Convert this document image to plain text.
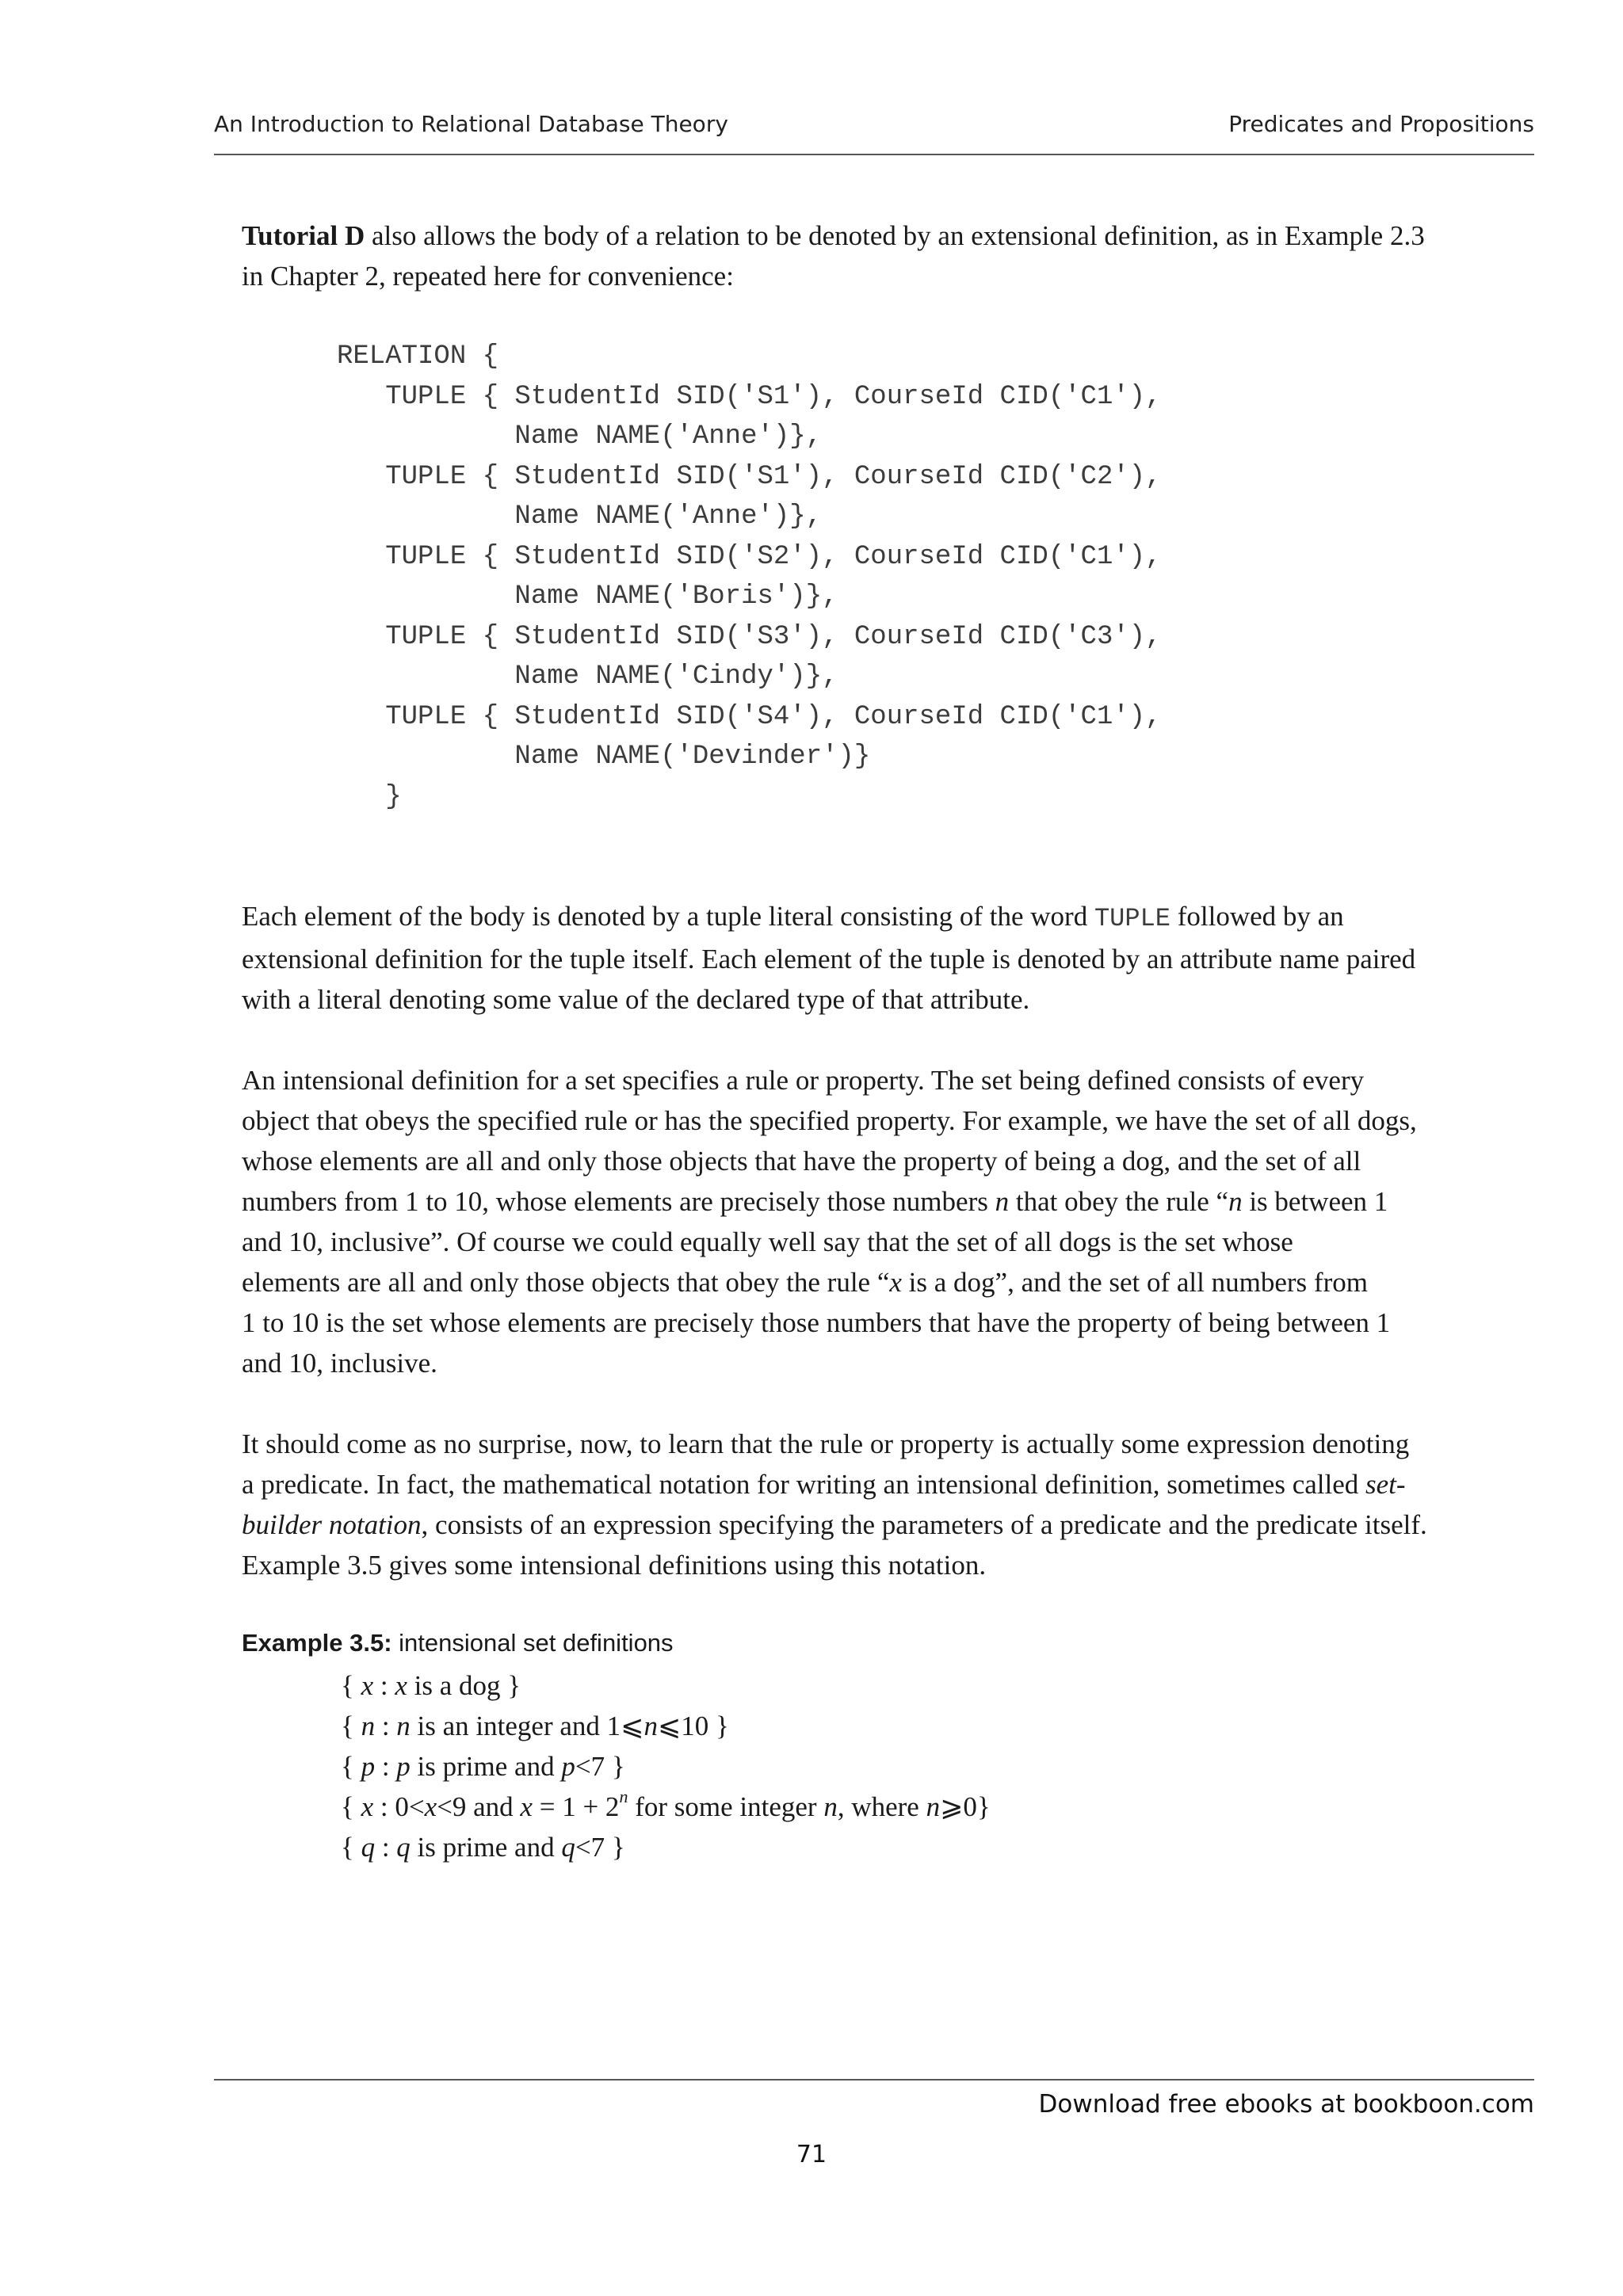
An Introduction to Relational Database Theory	Predicates and Propositions

Tutorial D also allows the body of a relation to be denoted by an extensional definition, as in Example 2.3
in Chapter 2, repeated here for convenience:

RELATION {
TUPLE { StudentId SID('S1'), CourseId CID('C1'),
Name NAME('Anne')},
TUPLE { StudentId SID('S1'), CourseId CID('C2'),
Name NAME('Anne')},
TUPLE { StudentId SID('S2'), CourseId CID('C1'),
Name NAME('Boris')},
TUPLE { StudentId SID('S3'), CourseId CID('C3'),
Name NAME('Cindy')},
TUPLE { StudentId SID('S4'), CourseId CID('C1'),
Name NAME('Devinder')}
}

Each element of the body is denoted by a tuple literal consisting of the word TUPLE followed by an
extensional definition for the tuple itself. Each element of the tuple is denoted by an attribute name paired
with a literal denoting some value of the declared type of that attribute.

An intensional definition for a set specifies a rule or property. The set being defined consists of every
object that obeys the specified rule or has the specified property. For example, we have the set of all dogs,
whose elements are all and only those objects that have the property of being a dog, and the set of all
numbers from 1 to 10, whose elements are precisely those numbers n that obey the rule “n is between 1
and 10, inclusive”. Of course we could equally well say that the set of all dogs is the set whose
elements are all and only those objects that obey the rule “x is a dog”, and the set of all numbers from
1 to 10 is the set whose elements are precisely those numbers that have the property of being between 1
and 10, inclusive.

It should come as no surprise, now, to learn that the rule or property is actually some expression denoting
a predicate. In fact, the mathematical notation for writing an intensional definition, sometimes called set-
builder notation, consists of an expression specifying the parameters of a predicate and the predicate itself.
Example 3.5 gives some intensional definitions using this notation.

Example 3.5: intensional set definitions
{ x : x is a dog }
{ n : n is an integer and 1⩽n⩽10 }
{ p : p is prime and p<7 }
{ x : 0<x<9 and $x = 1 + 2^n$ for some integer n, where n⩾0}
{ q : q is prime and q<7 }
Download free ebooks at bookboon.com
71
